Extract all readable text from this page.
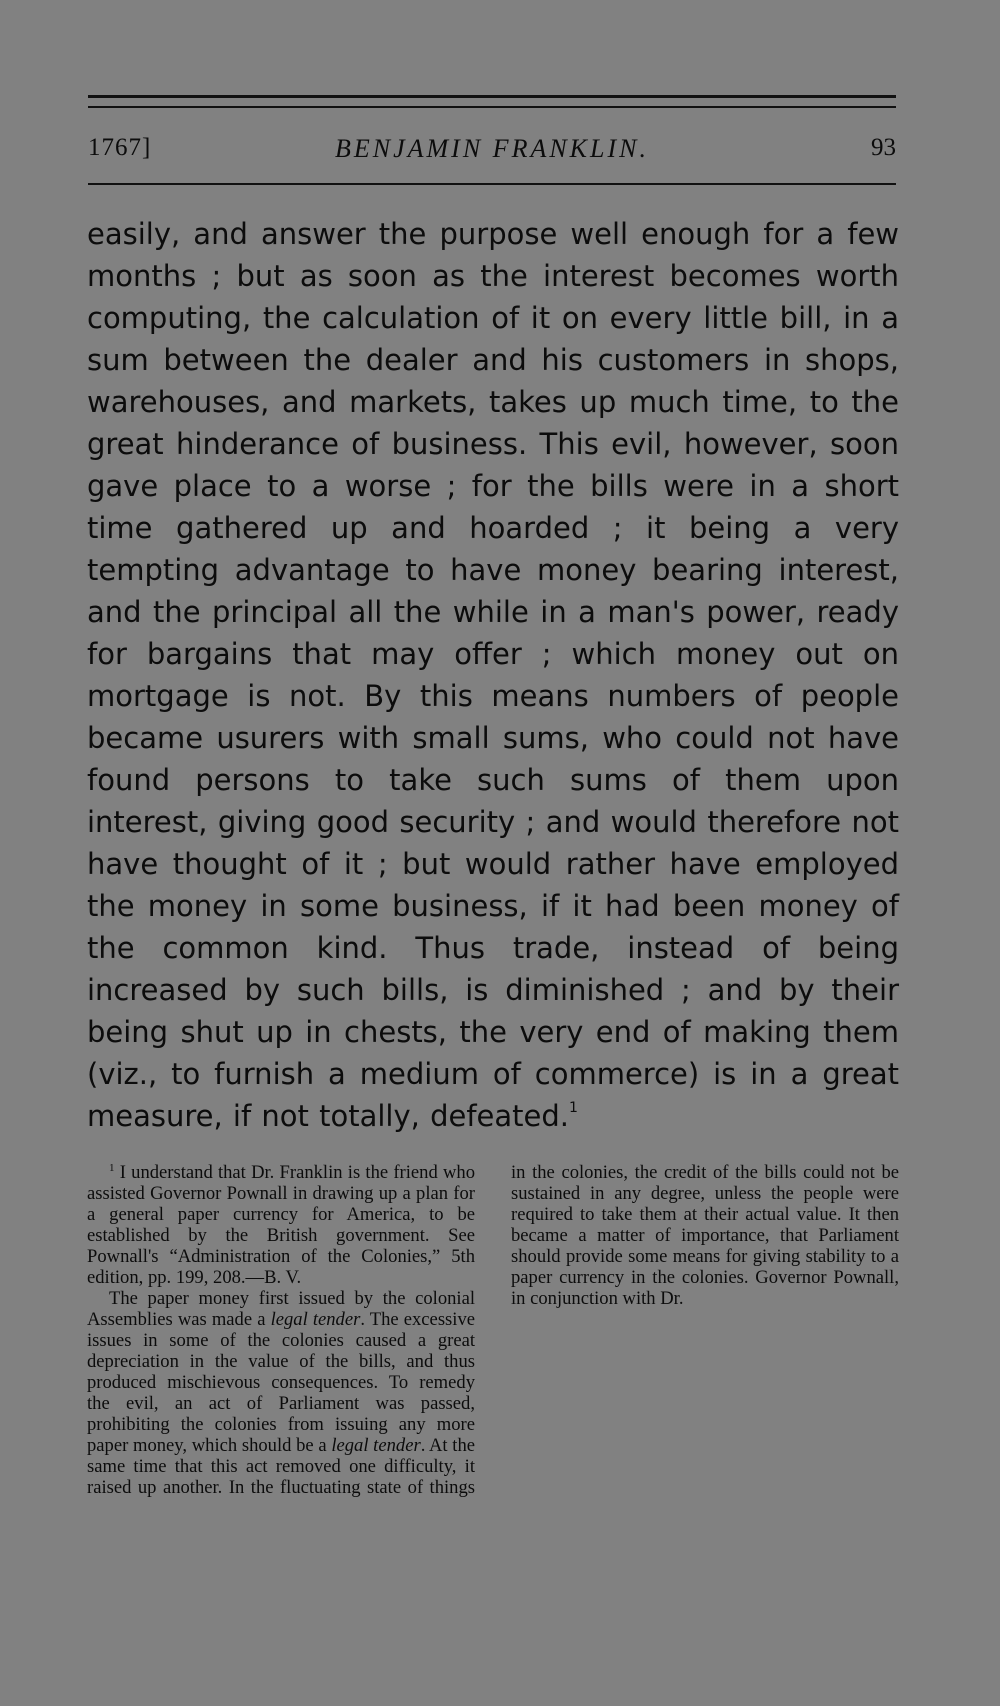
1767]	BENJAMIN FRANKLIN.	93

easily, and answer the purpose well enough for a few months ; but as soon as the interest becomes worth computing, the calculation of it on every little bill, in a sum between the dealer and his customers in shops, warehouses, and markets, takes up much time, to the great hinderance of business. This evil, however, soon gave place to a worse ; for the bills were in a short time gathered up and hoarded ; it being a very tempting advantage to have money bearing interest, and the principal all the while in a man's power, ready for bargains that may offer ; which money out on mortgage is not. By this means numbers of people became usurers with small sums, who could not have found persons to take such sums of them upon interest, giving good security ; and would therefore not have thought of it ; but would rather have employed the money in some business, if it had been money of the common kind. Thus trade, instead of being increased by such bills, is diminished ; and by their being shut up in chests, the very end of making them (viz., to furnish a medium of commerce) is in a great measure, if not totally, defeated.$^1$

$^1$ I understand that Dr. Franklin is the friend who assisted Governor Pownall in drawing up a plan for a general paper currency for America, to be established by the British government. See Pownall's “Administration of the Colonies,” 5th edition, pp. 199, 208.—B. V.

The paper money first issued by the colonial Assemblies was made a legal tender. The excessive issues in some of the colonies caused a great depreciation in the value of the bills, and thus produced mischievous consequences. To remedy the evil, an act of Parliament was passed, prohibiting the colonies from issuing any more paper money, which should be a legal tender. At the same time that this act removed one difficulty, it raised up another. In the fluctuating state of things in the colonies, the credit of the bills could not be sustained in any degree, unless the people were required to take them at their actual value. It then became a matter of importance, that Parliament should provide some means for giving stability to a paper currency in the colonies. Governor Pownall, in conjunction with Dr.
